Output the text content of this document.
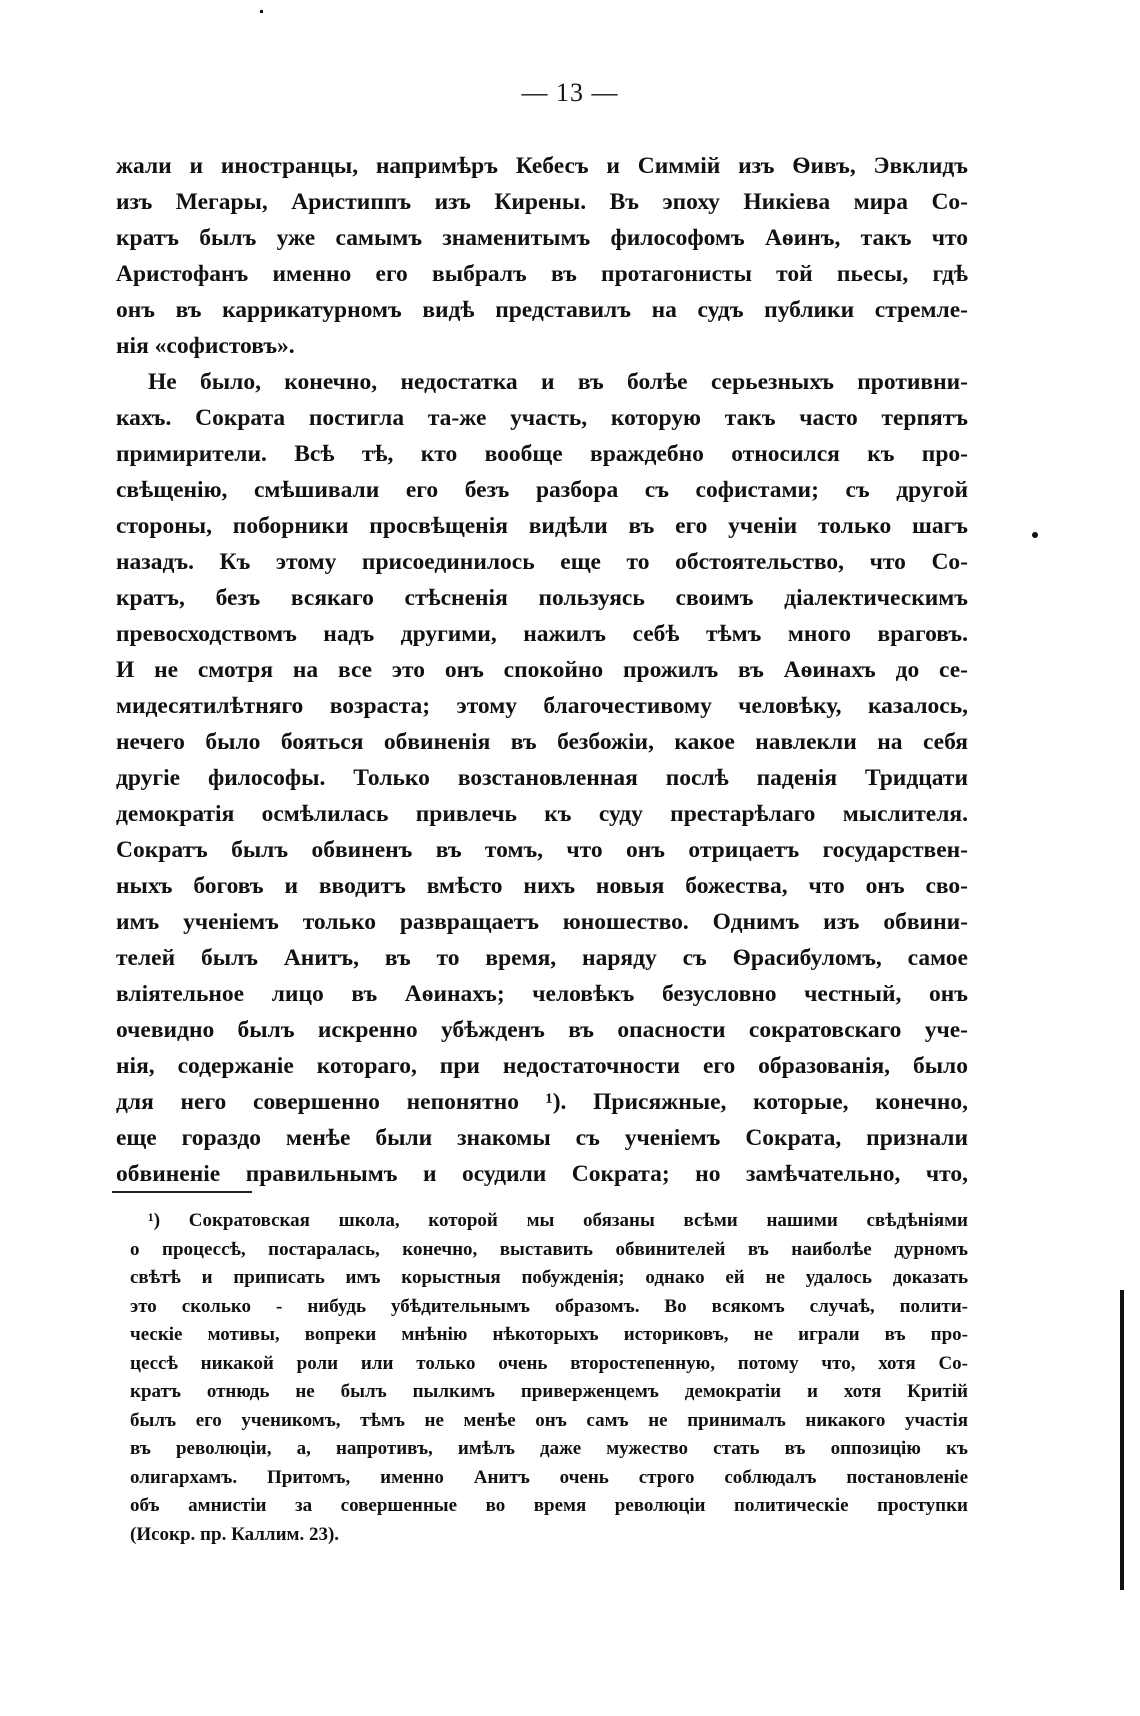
— 13 —
жали и иностранцы, напримѣръ Кебесъ и Симмій изъ Ѳивъ, Эвклидъ
изъ Мегары, Аристиппъ изъ Кирены. Въ эпоху Никіева мира Со-
кратъ былъ уже самымъ знаменитымъ философомъ Аѳинъ, такъ что
Аристофанъ именно его выбралъ въ протагонисты той пьесы, гдѣ
онъ въ каррикатурномъ видѣ представилъ на судъ публики стремле-
нія «софистовъ».
Не было, конечно, недостатка и въ болѣе серьезныхъ противни-
кахъ. Сократа постигла та-же участь, которую такъ часто терпятъ
примирители. Всѣ тѣ, кто вообще враждебно относился къ про-
свѣщенію, смѣшивали его безъ разбора съ софистами; съ другой
стороны, поборники просвѣщенія видѣли въ его ученіи только шагъ
назадъ. Къ этому присоединилось еще то обстоятельство, что Со-
кратъ, безъ всякаго стѣсненія пользуясь своимъ діалектическимъ
превосходствомъ надъ другими, нажилъ себѣ тѣмъ много враговъ.
И не смотря на все это онъ спокойно прожилъ въ Аѳинахъ до се-
мидесятилѣтняго возраста; этому благочестивому человѣку, казалось,
нечего было бояться обвиненія въ безбожіи, какое навлекли на себя
другіе философы. Только возстановленная послѣ паденія Тридцати
демократія осмѣлилась привлечь къ суду престарѣлаго мыслителя.
Сократъ былъ обвиненъ въ томъ, что онъ отрицаетъ государствен-
ныхъ боговъ и вводитъ вмѣсто нихъ новыя божества, что онъ сво-
имъ ученіемъ только развращаетъ юношество. Однимъ изъ обвини-
телей былъ Анитъ, въ то время, наряду съ Ѳрасибуломъ, самое
вліятельное лицо въ Аѳинахъ; человѣкъ безусловно честный, онъ
очевидно былъ искренно убѣжденъ въ опасности сократовскаго уче-
нія, содержаніе котораго, при недостаточности его образованія, было
для него совершенно непонятно ¹). Присяжные, которые, конечно,
еще гораздо менѣе были знакомы съ ученіемъ Сократа, признали
обвиненіе правильнымъ и осудили Сократа; но замѣчательно, что,
¹) Сократовская школа, которой мы обязаны всѣми нашими свѣдѣніями
о процессѣ, постаралась, конечно, выставить обвинителей въ наиболѣе дурномъ
свѣтѣ и приписать имъ корыстныя побужденія; однако ей не удалось доказать
это сколько - нибудь убѣдительнымъ образомъ. Во всякомъ случаѣ, полити-
ческіе мотивы, вопреки мнѣнію нѣкоторыхъ историковъ, не играли въ про-
цессѣ никакой роли или только очень второстепенную, потому что, хотя Со-
кратъ отнюдь не былъ пылкимъ приверженцемъ демократіи и хотя Критій
былъ его ученикомъ, тѣмъ не менѣе онъ самъ не принималъ никакого участія
въ революціи, а, напротивъ, имѣлъ даже мужество стать въ оппозицію къ
олигархамъ. Притомъ, именно Анитъ очень строго соблюдалъ постановленіе
объ амнистіи за совершенные во время революціи политическіе проступки
(Исокр. пр. Каллим. 23).
